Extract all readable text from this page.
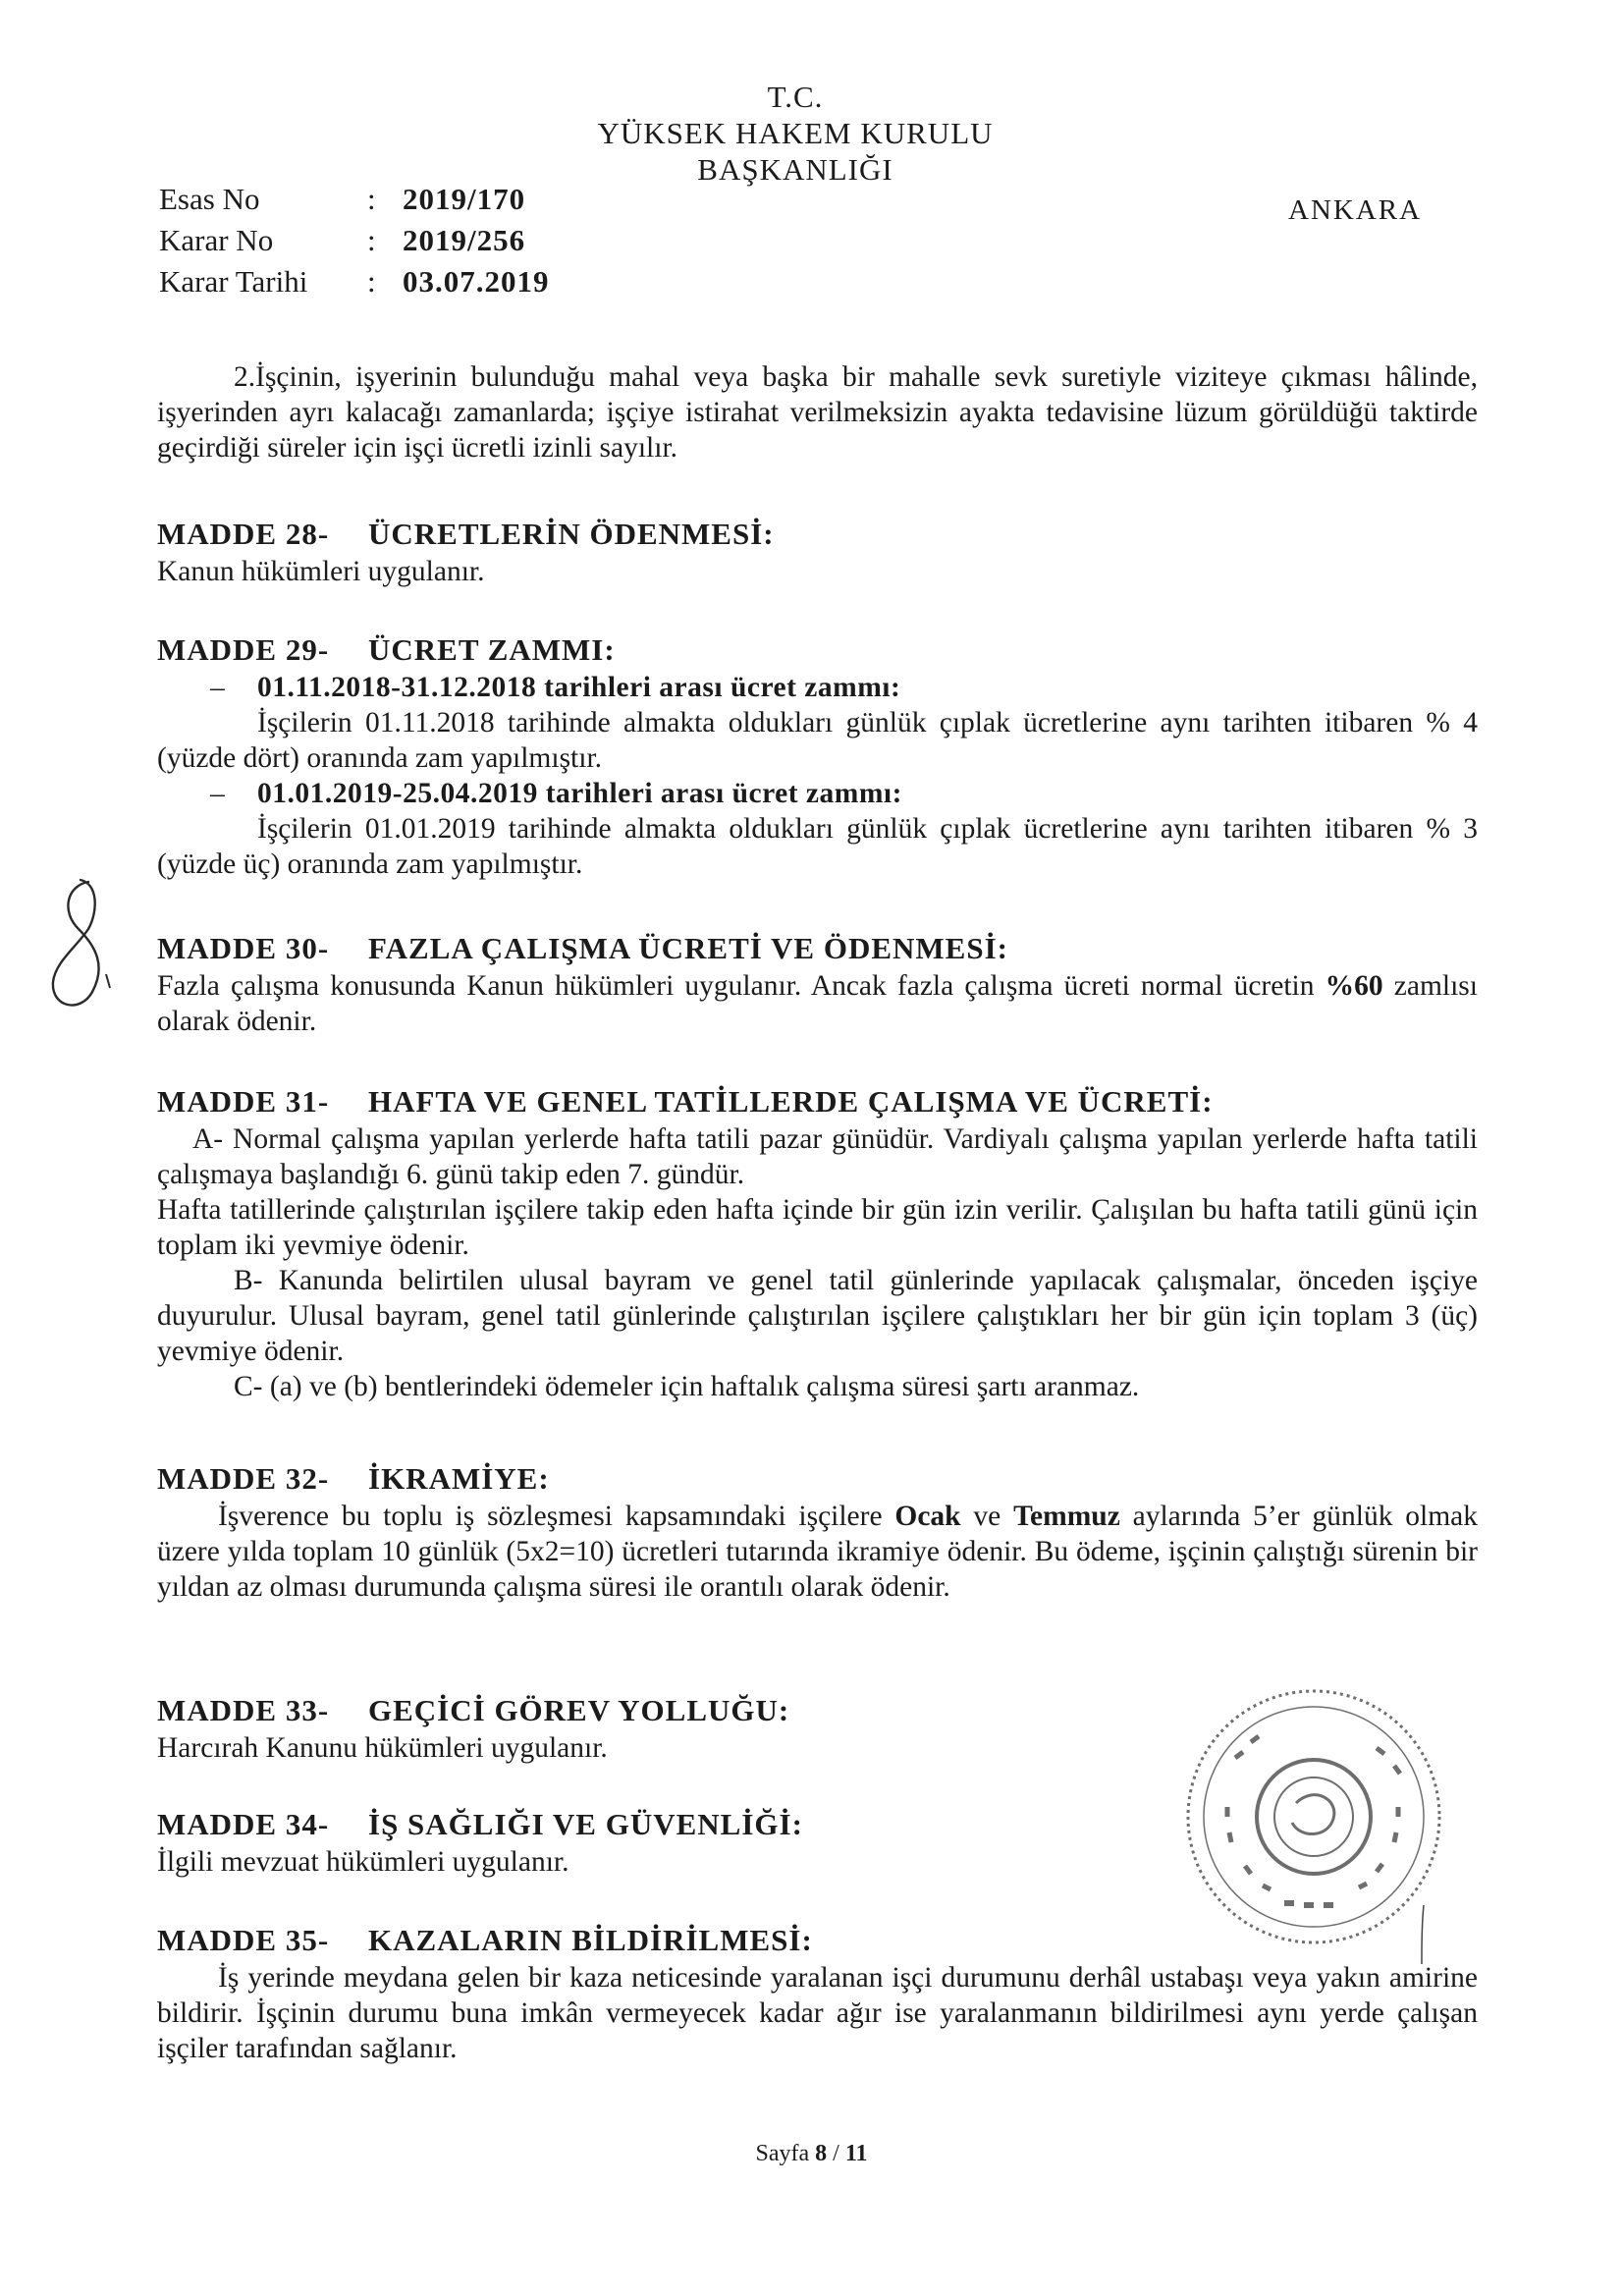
T.C.
YÜKSEK HAKEM KURULU
BAŞKANLIĞI
Esas No	: 2019/170
Karar No	: 2019/256
Karar Tarihi	: 03.07.2019
ANKARA

2.İşçinin, işyerinin bulunduğu mahal veya başka bir mahalle sevk suretiyle viziteye çıkması hâlinde, işyerinden ayrı kalacağı zamanlarda; işçiye istirahat verilmeksizin ayakta tedavisine lüzum görüldüğü taktirde geçirdiği süreler için işçi ücretli izinli sayılır.

MADDE 28- ÜCRETLERİN ÖDENMESİ:

Kanun hükümleri uygulanır.

MADDE 29- ÜCRET ZAMMI:
– 01.11.2018-31.12.2018 tarihleri arası ücret zammı:

İşçilerin 01.11.2018 tarihinde almakta oldukları günlük çıplak ücretlerine aynı tarihten itibaren % 4 (yüzde dört) oranında zam yapılmıştır.

– 01.01.2019-25.04.2019 tarihleri arası ücret zammı:

İşçilerin 01.01.2019 tarihinde almakta oldukları günlük çıplak ücretlerine aynı tarihten itibaren % 3 (yüzde üç) oranında zam yapılmıştır.

MADDE 30- FAZLA ÇALIŞMA ÜCRETİ VE ÖDENMESİ:

Fazla çalışma konusunda Kanun hükümleri uygulanır. Ancak fazla çalışma ücreti normal ücretin %60 zamlısı olarak ödenir.

MADDE 31- HAFTA VE GENEL TATİLLERDE ÇALIŞMA VE ÜCRETİ:

A- Normal çalışma yapılan yerlerde hafta tatili pazar günüdür. Vardiyalı çalışma yapılan yerlerde hafta tatili çalışmaya başlandığı 6. günü takip eden 7. gündür.

Hafta tatillerinde çalıştırılan işçilere takip eden hafta içinde bir gün izin verilir. Çalışılan bu hafta tatili günü için toplam iki yevmiye ödenir.

B- Kanunda belirtilen ulusal bayram ve genel tatil günlerinde yapılacak çalışmalar, önceden işçiye duyurulur. Ulusal bayram, genel tatil günlerinde çalıştırılan işçilere çalıştıkları her bir gün için toplam 3 (üç) yevmiye ödenir.

C- (a) ve (b) bentlerindeki ödemeler için haftalık çalışma süresi şartı aranmaz.

MADDE 32- İKRAMİYE:

İşverence bu toplu iş sözleşmesi kapsamındaki işçilere Ocak ve Temmuz aylarında 5’er günlük olmak üzere yılda toplam 10 günlük (5x2=10) ücretleri tutarında ikramiye ödenir. Bu ödeme, işçinin çalıştığı sürenin bir yıldan az olması durumunda çalışma süresi ile orantılı olarak ödenir.

MADDE 33- GEÇİCİ GÖREV YOLLUĞU:

Harcırah Kanunu hükümleri uygulanır.

MADDE 34- İŞ SAĞLIĞI VE GÜVENLİĞİ:

İlgili mevzuat hükümleri uygulanır.

MADDE 35- KAZALARIN BİLDİRİLMESİ:

İş yerinde meydana gelen bir kaza neticesinde yaralanan işçi durumunu derhâl ustabaşı veya yakın amirine bildirir. İşçinin durumu buna imkân vermeyecek kadar ağır ise yaralanmanın bildirilmesi aynı yerde çalışan işçiler tarafından sağlanır.

Sayfa 8 / 11
